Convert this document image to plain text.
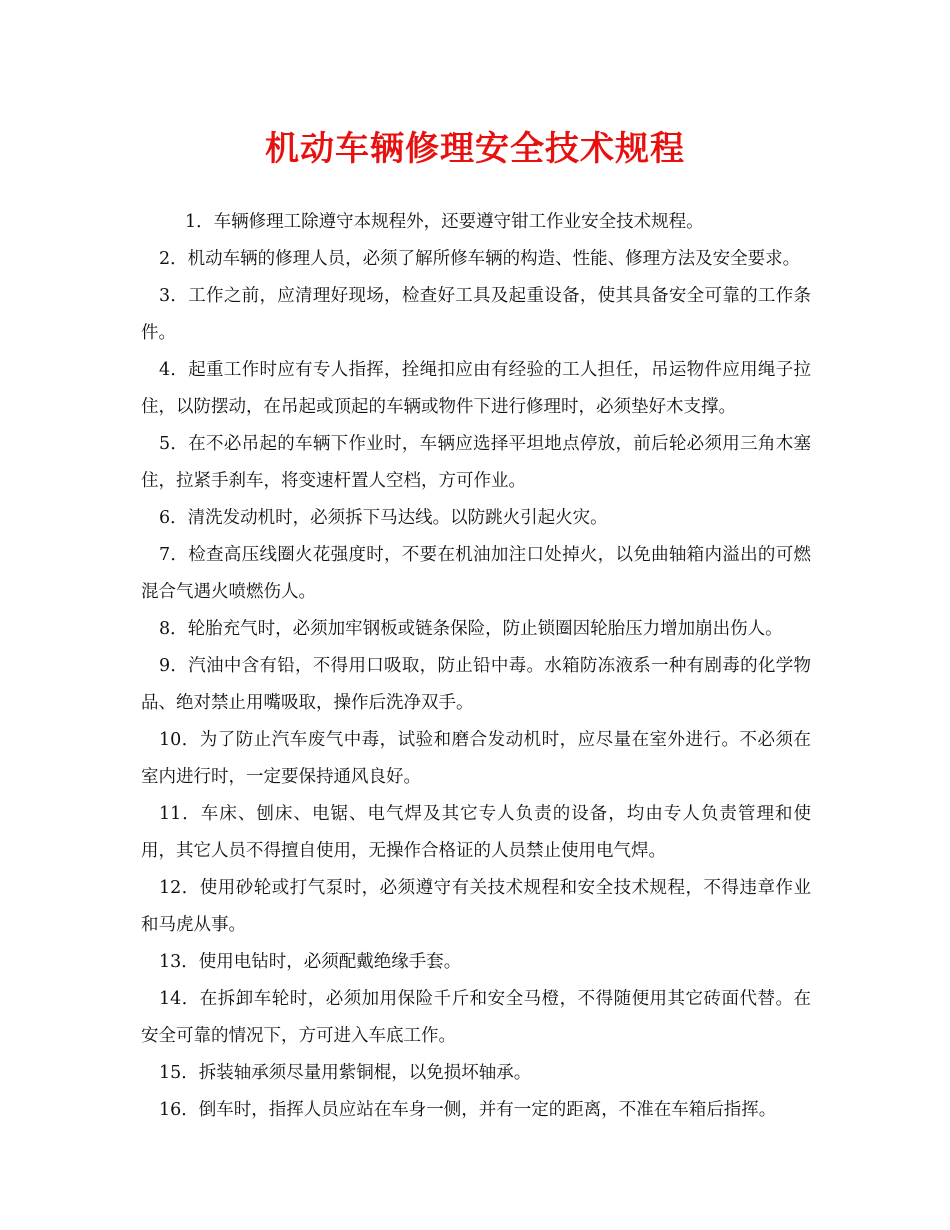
机动车辆修理安全技术规程

1．车辆修理工除遵守本规程外，还要遵守钳工作业安全技术规程。

2．机动车辆的修理人员，必须了解所修车辆的构造、性能、修理方法及安全要求。

3．工作之前，应清理好现场，检查好工具及起重设备，使其具备安全可靠的工作条件。

4．起重工作时应有专人指挥，拴绳扣应由有经验的工人担任，吊运物件应用绳子拉住，以防摆动，在吊起或顶起的车辆或物件下进行修理时，必须垫好木支撑。

5．在不必吊起的车辆下作业时，车辆应选择平坦地点停放，前后轮必须用三角木塞住，拉紧手刹车，将变速杆置人空档，方可作业。

6．清洗发动机时，必须拆下马达线。以防跳火引起火灾。

7．检查高压线圈火花强度时，不要在机油加注口处掉火，以免曲轴箱内溢出的可燃混合气遇火喷燃伤人。

8．轮胎充气时，必须加牢钢板或链条保险，防止锁圈因轮胎压力增加崩出伤人。

9．汽油中含有铅，不得用口吸取，防止铅中毒。水箱防冻液系一种有剧毒的化学物品、绝对禁止用嘴吸取，操作后洗净双手。

10．为了防止汽车废气中毒，试验和磨合发动机时，应尽量在室外进行。不必须在室内进行时，一定要保持通风良好。

11．车床、刨床、电锯、电气焊及其它专人负责的设备，均由专人负责管理和使用，其它人员不得擅自使用，无操作合格证的人员禁止使用电气焊。

12．使用砂轮或打气泵时，必须遵守有关技术规程和安全技术规程，不得违章作业和马虎从事。

13．使用电钻时，必须配戴绝缘手套。

14．在拆卸车轮时，必须加用保险千斤和安全马橙，不得随便用其它砖面代替。在安全可靠的情况下，方可进入车底工作。

15．拆装轴承须尽量用紫铜棍，以免损坏轴承。

16．倒车时，指挥人员应站在车身一侧，并有一定的距离，不准在车箱后指挥。
